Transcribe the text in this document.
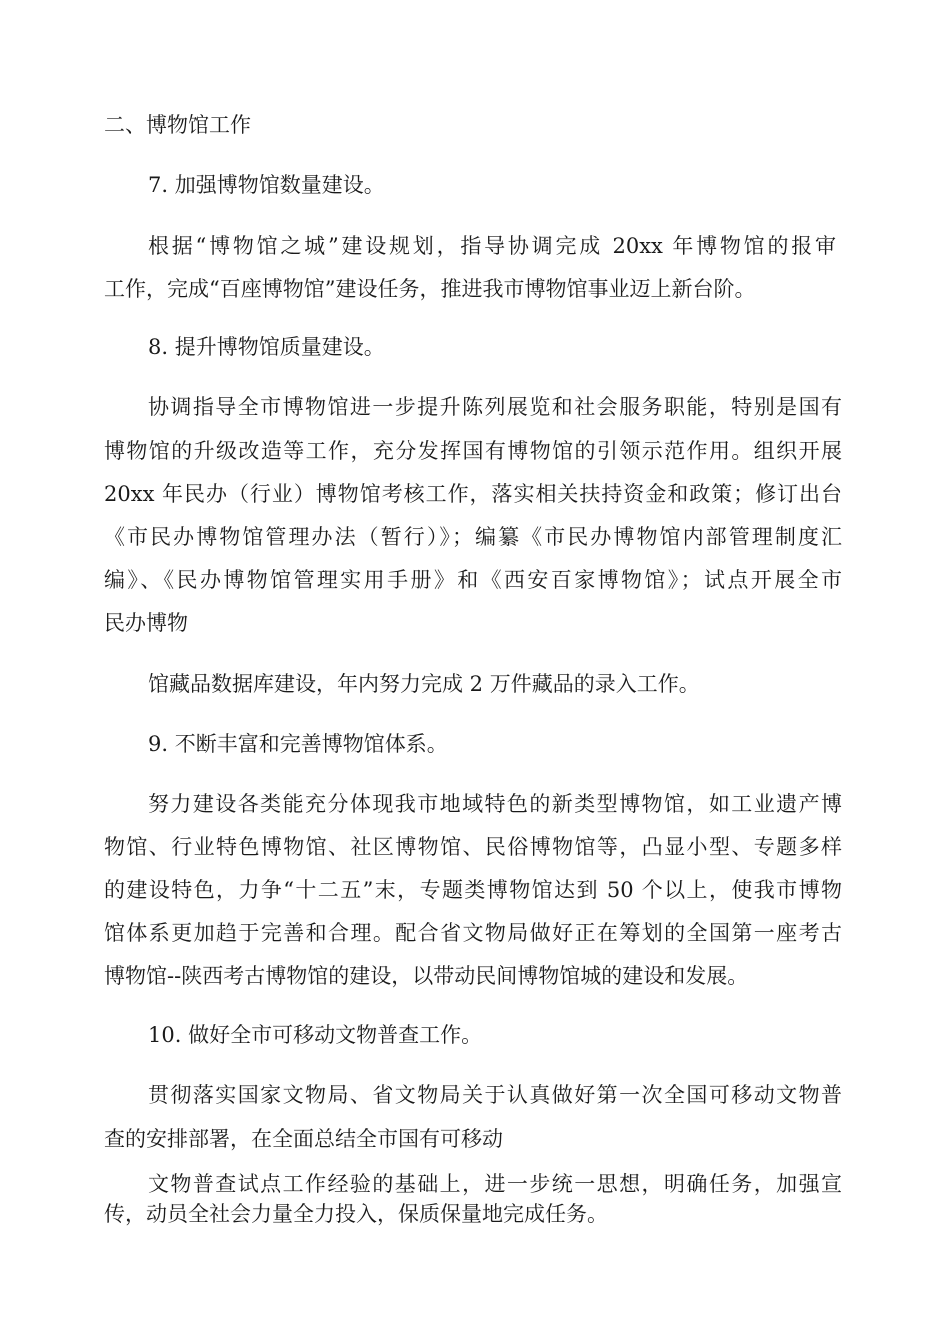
二、博物馆工作
7. 加强博物馆数量建设。
根据“博物馆之城”建设规划，指导协调完成 20xx 年博物馆的报审
工作，完成“百座博物馆”建设任务，推进我市博物馆事业迈上新台阶。
8. 提升博物馆质量建设。
协调指导全市博物馆进一步提升陈列展览和社会服务职能，特别是国有
博物馆的升级改造等工作，充分发挥国有博物馆的引领示范作用。组织开展
20xx 年民办（行业）博物馆考核工作，落实相关扶持资金和政策；修订出台
《市民办博物馆管理办法（暂行）》；编纂《市民办博物馆内部管理制度汇
编》、《民办博物馆管理实用手册》和《西安百家博物馆》；试点开展全市
民办博物
馆藏品数据库建设，年内努力完成 2 万件藏品的录入工作。
9. 不断丰富和完善博物馆体系。
努力建设各类能充分体现我市地域特色的新类型博物馆，如工业遗产博
物馆、行业特色博物馆、社区博物馆、民俗博物馆等，凸显小型、专题多样
的建设特色，力争“十二五”末，专题类博物馆达到 50 个以上，使我市博物
馆体系更加趋于完善和合理。配合省文物局做好正在筹划的全国第一座考古
博物馆--陕西考古博物馆的建设，以带动民间博物馆城的建设和发展。
10. 做好全市可移动文物普查工作。
贯彻落实国家文物局、省文物局关于认真做好第一次全国可移动文物普
查的安排部署，在全面总结全市国有可移动
文物普查试点工作经验的基础上，进一步统一思想，明确任务，加强宣
传，动员全社会力量全力投入，保质保量地完成任务。
